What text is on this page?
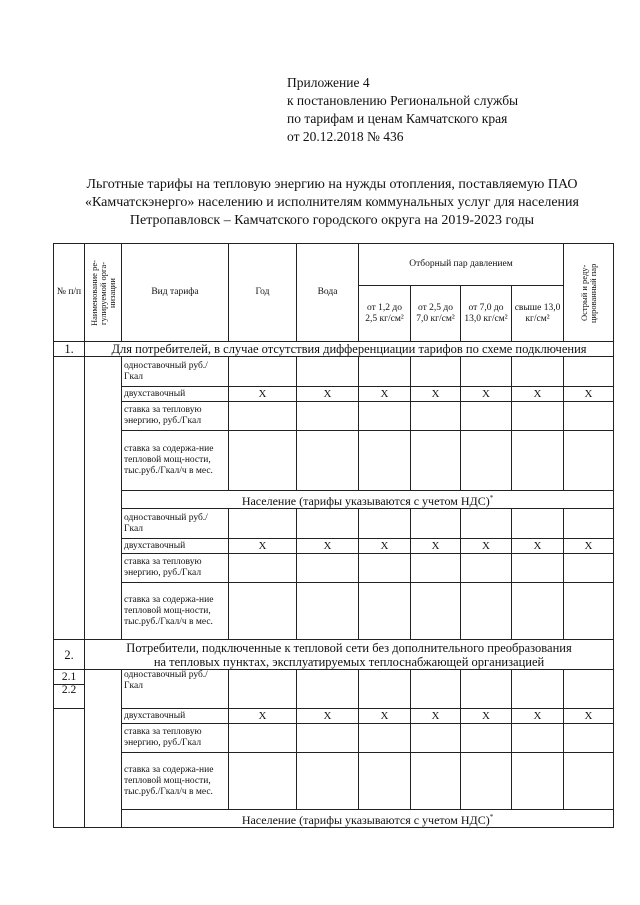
Приложение 4
к постановлению Региональной службы
по тарифам и ценам Камчатского края
от 20.12.2018 № 436
Льготные тарифы на тепловую энергию на нужды отопления, поставляемую ПАО
«Камчатскэнерго» населению и исполнителям коммунальных услуг для населения
Петропавловск – Камчатского городского округа на 2019-2023 годы
№ п/п	Наименование ре-гулируемой орга-низации	Вид тарифа	Год	Вода	Отборный пар давлением				Острый и реду-цированный пар

					от 1,2 до 2,5 кг/см²	от 2,5 до 7,0 кг/см²	от 7,0 до 13,0 кг/см²	свыше 13,0 кг/см²	
1.	Для потребителей, в случае отсутствия дифференциации тарифов по схеме подключения								
		одноставочный руб./Гкал							
		двухставочный	X	X	X	X	X	X	X
		ставка за тепловую энергию, руб./Гкал							
		ставка за содержа-ние тепловой мощ-ности, тыс.руб./Гкал/ч в мес.							
		Население (тарифы указываются с учетом НДС)*
		одноставочный руб./Гкал							
		двухставочный	X	X	X	X	X	X	X
		ставка за тепловую энергию, руб./Гкал							
		ставка за содержа-ние тепловой мощ-ности, тыс.руб./Гкал/ч в мес.							
2.	Потребители, подключенные к тепловой сети без дополнительного преобразования
на тепловых пунктах, эксплуатируемых теплоснабжающей организацией								

2.1		одноставочный руб./Гкал							
2.2									
		двухставочный	X	X	X	X	X	X	X
		ставка за тепловую энергию, руб./Гкал							
		ставка за содержа-ние тепловой мощ-ности, тыс.руб./Гкал/ч в мес.							
		Население (тарифы указываются с учетом НДС)*
